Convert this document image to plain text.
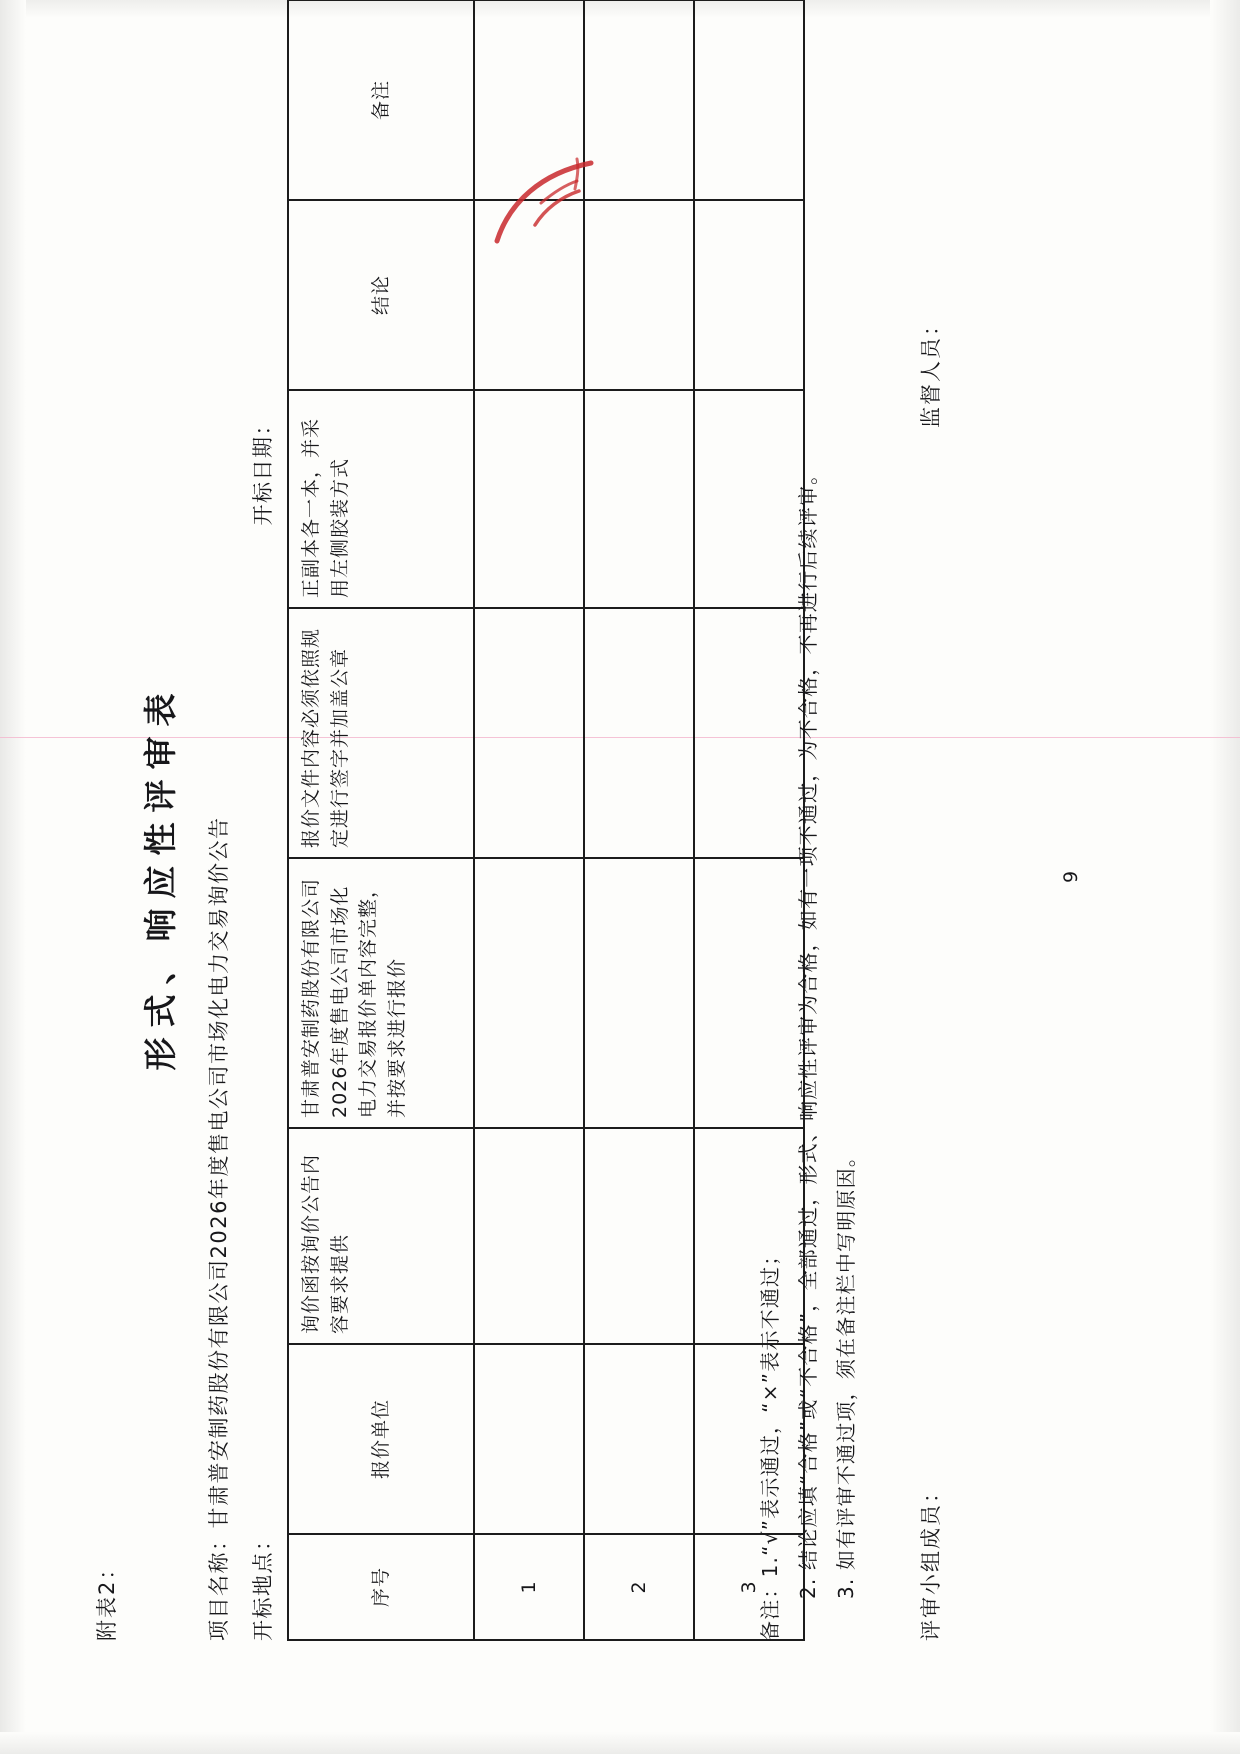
附表2：
形式、响应性评审表 项目名称：甘肃普安制药股份有限公司2026年度售电公司市场化电力交易询价公告 开标地点：
开标日期：
序号	报价单位	询价函按询价公告内容要求提供	甘肃普安制药股份有限公司2026年度售电公司市场化电力交易报价单内容完整，并按要求进行报价	报价文件内容必须依照规定进行签字并加盖公章	正副本各一本，并采用左侧胶装方式	结论	备注
1							
2							
3							
备注：1.“√”表示通过，“×”表示不通过； 2. 结论应填“合格”或“不合格”，全部通过，形式、响应性评审为合格，如有一项不通过，为不合格，不再进行后续评审。 3. 如有评审不通过项，须在备注栏中写明原因。	评审小组成员：
监督人员：
9
